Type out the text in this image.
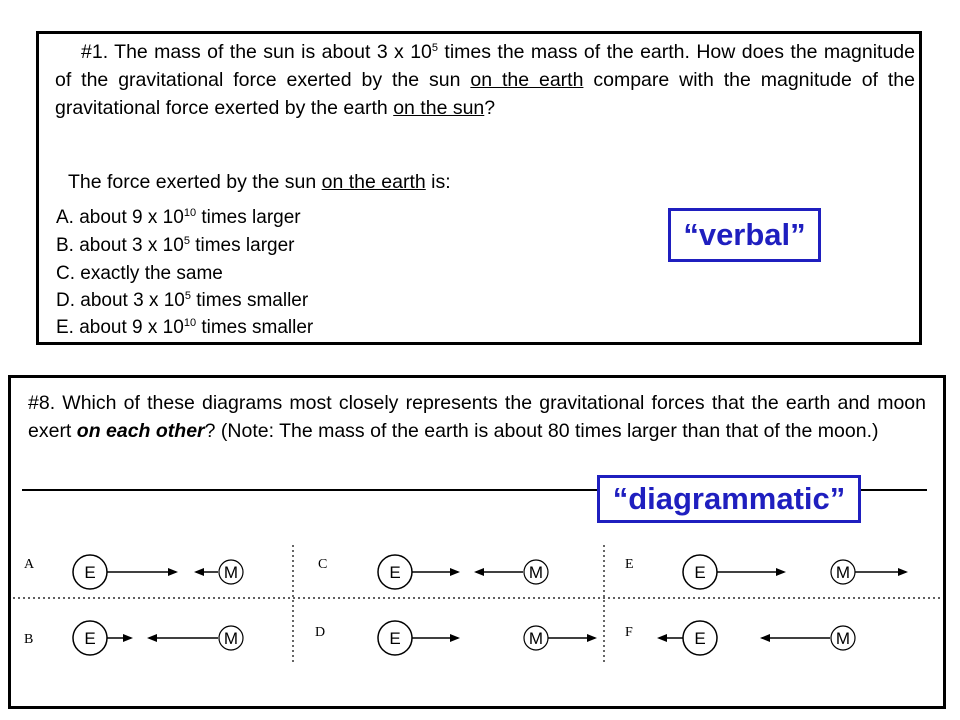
#1. The mass of the sun is about 3 x $10^5$ times the mass of the earth. How does the magnitude of the gravitational force exerted by the sun on the earth compare with the magnitude of the gravitational force exerted by the earth on the sun?
The force exerted by the sun on the earth is:
A. about 9 x $10^{10}$ times larger
B. about 3 x $10^5$ times larger
C. exactly the same
D. about 3 x $10^5$ times smaller
E. about 9 x $10^{10}$ times smaller
“verbal”
#8. Which of these diagrams most closely represents the gravitational forces that the earth and moon exert on each other? (Note: The mass of the earth is about 80 times larger than that of the moon.)
“diagrammatic”
A	E	M	C	E	M	E	E	M
B	E	M	D	E	M	F	E	M
